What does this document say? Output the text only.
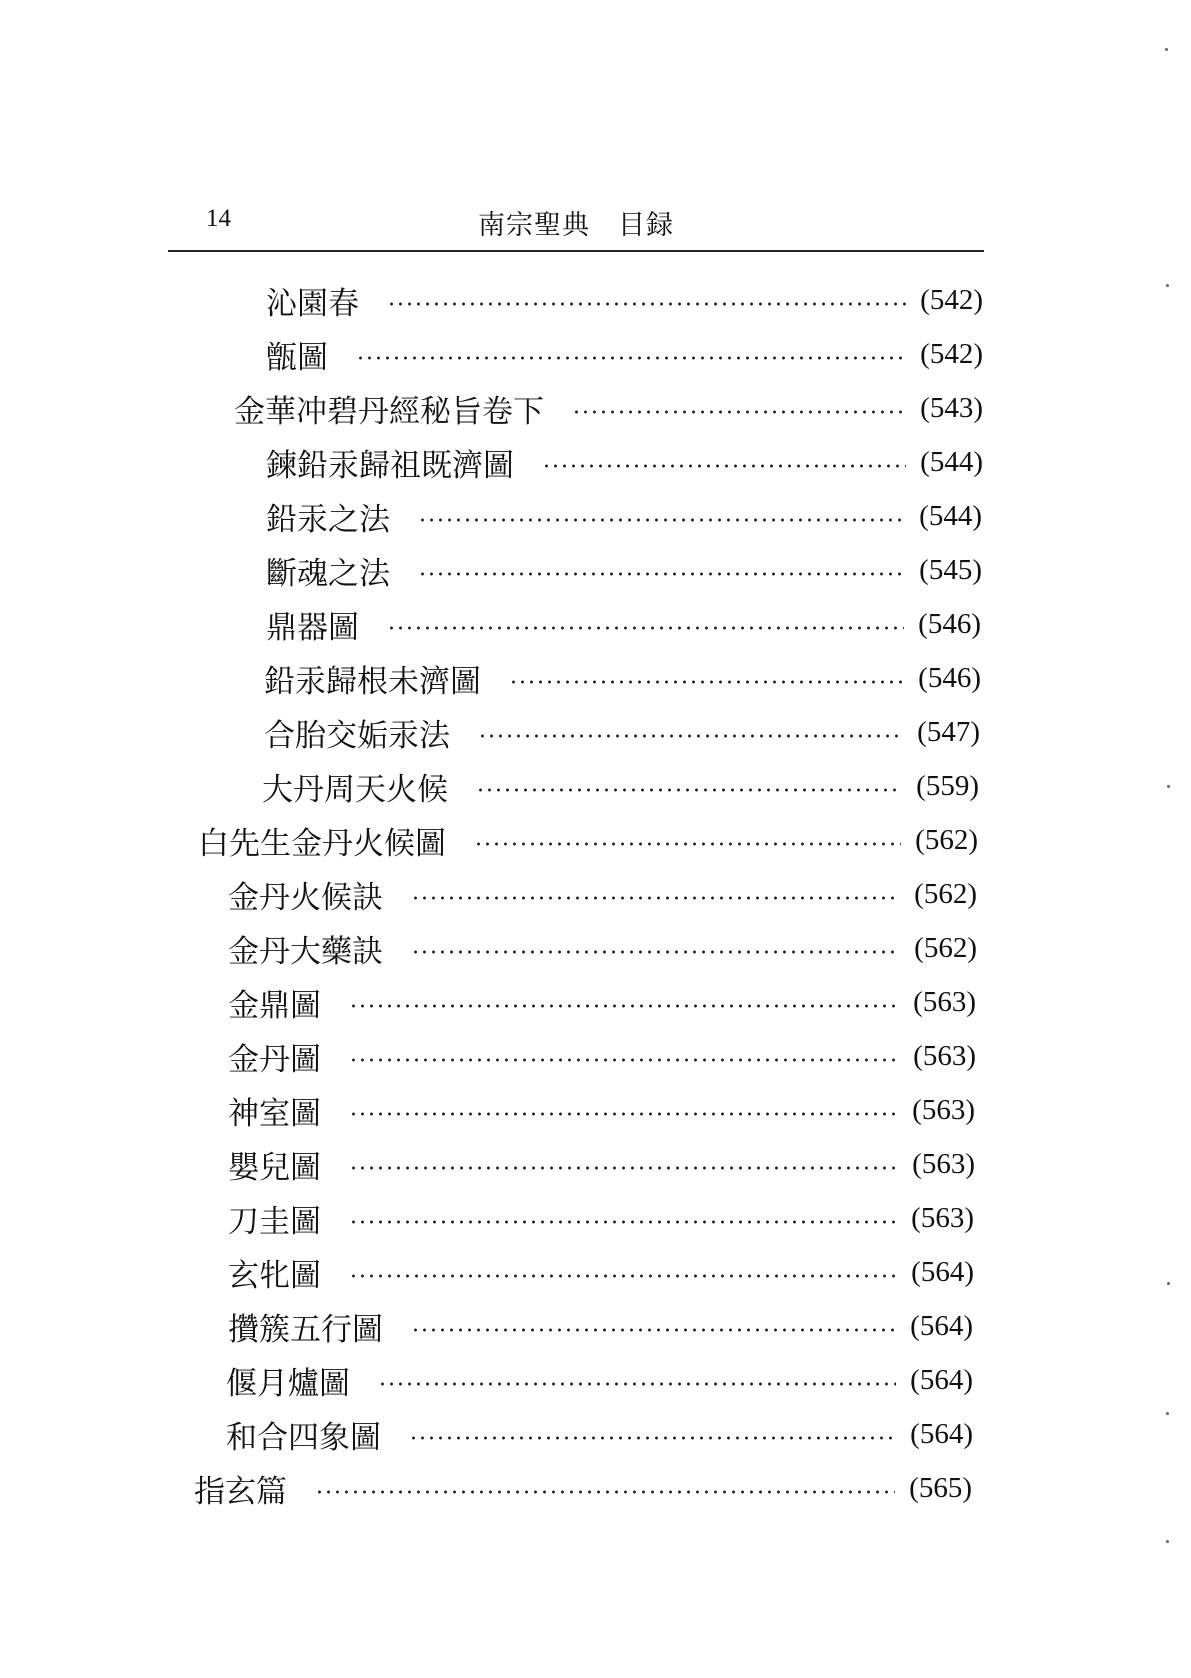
14	南宗聖典　目録
沁園春	(542)
甑圖	(542)
金華冲碧丹經秘旨卷下	(543)
鍊鉛汞歸祖既濟圖	(544)
鉛汞之法	(544)
斷魂之法	(545)
鼎器圖	(546)
鉛汞歸根未濟圖	(546)
合胎交姤汞法	(547)
大丹周天火候	(559)
白先生金丹火候圖	(562)
金丹火候訣	(562)
金丹大藥訣	(562)
金鼎圖	(563)
金丹圖	(563)
神室圖	(563)
嬰兒圖	(563)
刀圭圖	(563)
玄牝圖	(564)
攢簇五行圖	(564)
偃月爐圖	(564)
和合四象圖	(564)
指玄篇	(565)
